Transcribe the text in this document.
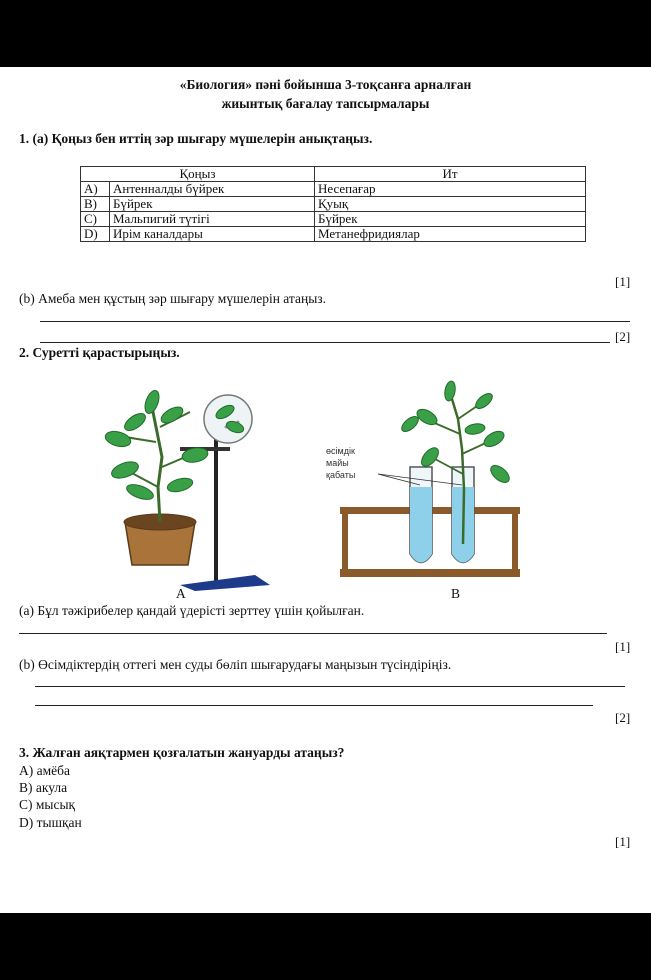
«Биология» пәні бойынша 3-тоқсанға арналған
жиынтық бағалау тапсырмалары
1. (a) Қоңыз бен иттің зәр шығару мүшелерін анықтаңыз.
Қоңыз		Ит
A)	Антенналды бүйрек	Несепағар
B)	Бүйрек	Қуық
C)	Мальпигий түтігі	Бүйрек
D)	Ирім каналдары	Метанефридиялар
[1]
(b) Амеба мен құстың зәр шығару мүшелерін атаңыз.
[2]
2. Суретті қарастырыңыз.
өсімдік
майы
қабаты
A	B
(a) Бұл тәжірибелер қандай үдерісті зерттеу үшін қойылған.
[1]
(b) Өсімдіктердің оттегі мен суды бөліп шығарудағы маңызын түсіндіріңіз.
[2]
3. Жалған аяқтармен қозғалатын жануарды атаңыз?
A) амёба
B) акула
C) мысық
D) тышқан
[1]
